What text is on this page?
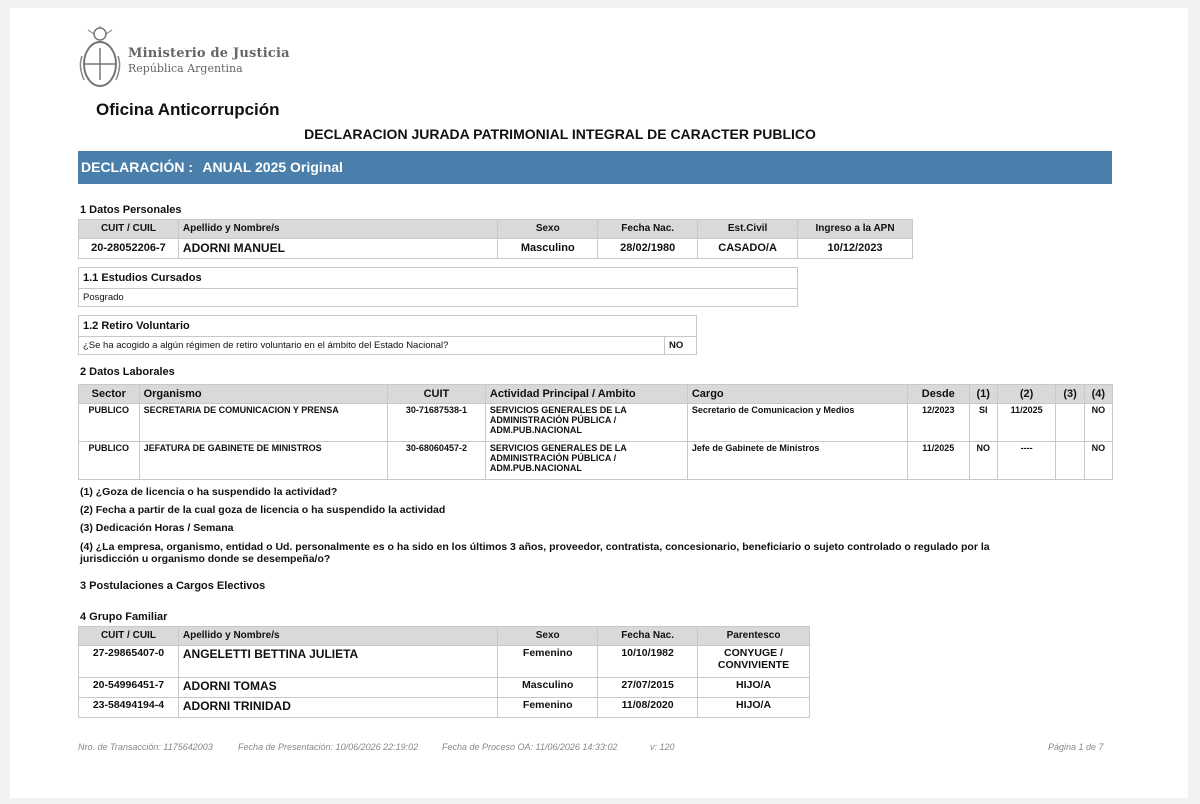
Ministerio de Justicia
República Argentina
Oficina Anticorrupción
DECLARACION JURADA PATRIMONIAL INTEGRAL DE CARACTER PUBLICO
DECLARACIÓN : ANUAL 2025 Original
1 Datos Personales
CUIT / CUIL	Apellido y Nombre/s	Sexo	Fecha Nac.	Est.Civil	Ingreso a la APN
20-28052206-7	ADORNI MANUEL	Masculino	28/02/1980	CASADO/A	10/12/2023
1.1 Estudios Cursados
Posgrado
1.2 Retiro Voluntario
¿Se ha acogido a algún régimen de retiro voluntario en el ámbito del Estado Nacional?	NO
2 Datos Laborales
Sector	Organismo	CUIT	Actividad Principal / Ambito	Cargo	Desde	(1)	(2)	(3)	(4)
PUBLICO	SECRETARIA DE COMUNICACION Y PRENSA	30-71687538-1	SERVICIOS GENERALES DE LA ADMINISTRACIÓN PÚBLICA / ADM.PUB.NACIONAL	Secretario de Comunicacion y Medios	12/2023	SI	11/2025		NO
PUBLICO	JEFATURA DE GABINETE DE MINISTROS	30-68060457-2	SERVICIOS GENERALES DE LA ADMINISTRACIÓN PÚBLICA / ADM.PUB.NACIONAL	Jefe de Gabinete de Ministros	11/2025	NO	----		NO
(1) ¿Goza de licencia o ha suspendido la actividad?
(2) Fecha a partir de la cual goza de licencia o ha suspendido la actividad
(3) Dedicación Horas / Semana
(4) ¿La empresa, organismo, entidad o Ud. personalmente es o ha sido en los últimos 3 años, proveedor, contratista, concesionario, beneficiario o sujeto controlado o regulado por la
jurisdicción u organismo donde se desempeña/o?
3 Postulaciones a Cargos Electivos
4 Grupo Familiar
CUIT / CUIL	Apellido y Nombre/s	Sexo	Fecha Nac.	Parentesco
27-29865407-0	ANGELETTI BETTINA JULIETA	Femenino	10/10/1982	CONYUGE / CONVIVIENTE
20-54996451-7	ADORNI TOMAS	Masculino	27/07/2015	HIJO/A
23-58494194-4	ADORNI TRINIDAD	Femenino	11/08/2020	HIJO/A
Nro. de Transacción: 1175642003	Fecha de Presentación: 10/06/2026 22:19:02	Fecha de Proceso OA: 11/06/2026 14:33:02	v: 120	Página 1 de 7
